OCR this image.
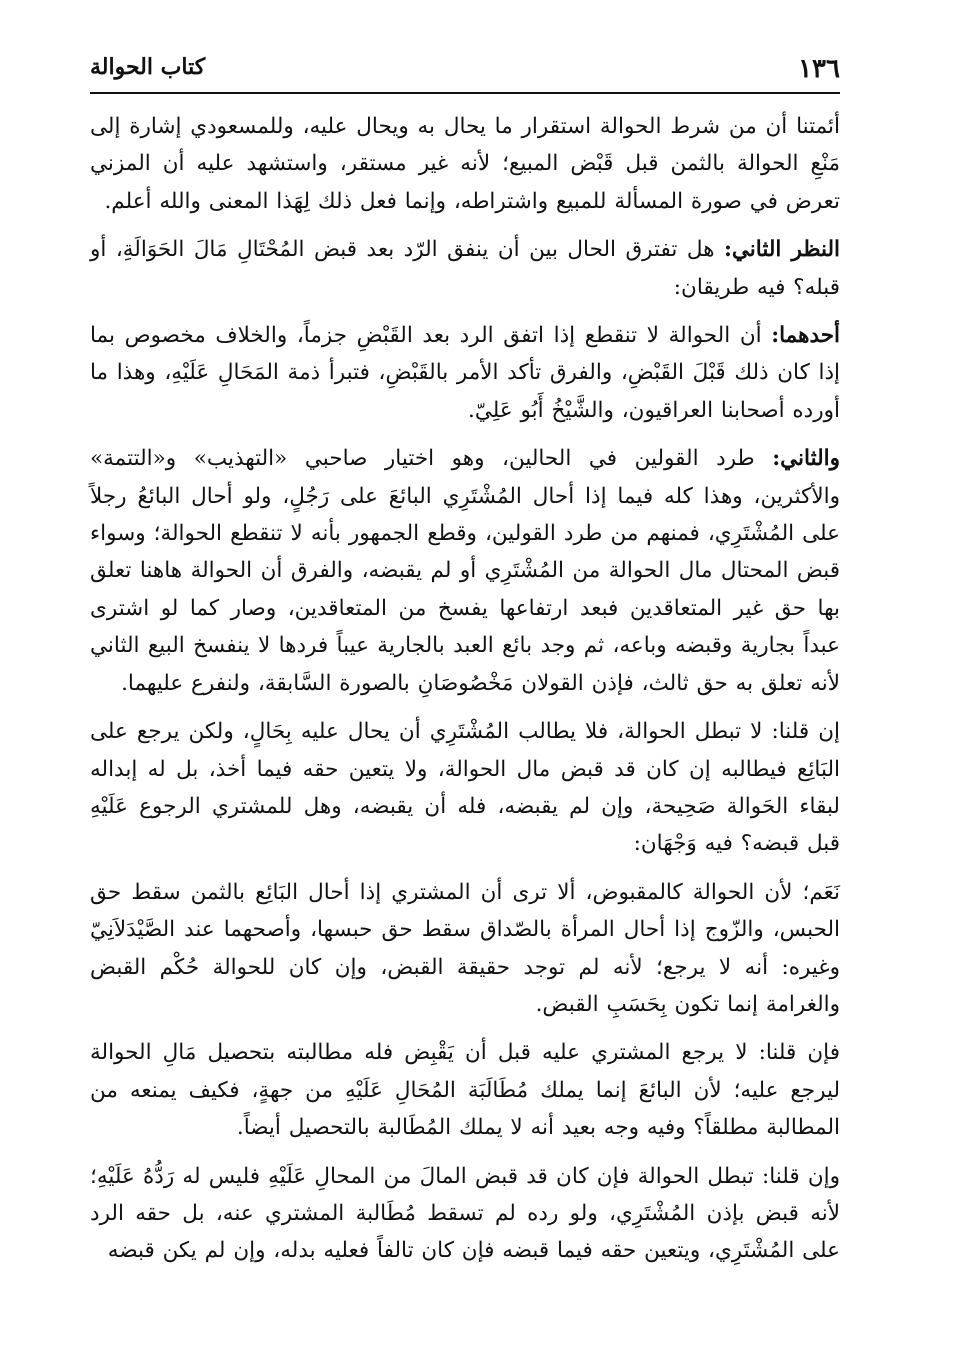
١٣٦
كتاب الحوالة

أئمتنا أن من شرط الحوالة استقرار ما يحال به ويحال عليه، وللمسعودي إشارة إلى مَنْعِ الحوالة بالثمن قبل قَبْض المبيع؛ لأنه غير مستقر، واستشهد عليه أن المزني تعرض في صورة المسألة للمبيع واشتراطه، وإنما فعل ذلك لِهَذا المعنى والله أعلم.

النظر الثاني: هل تفترق الحال بين أن ينفق الرّد بعد قبض المُحْتَالِ مَالَ الحَوَالَةِ، أو قبله؟ فيه طريقان:

أحدهما: أن الحوالة لا تنقطع إذا اتفق الرد بعد القَبْضِ جزماً، والخلاف مخصوص بما إذا كان ذلك قَبْلَ القَبْضِ، والفرق تأكد الأمر بالقَبْضِ، فتبرأ ذمة المَحَالِ عَلَيْهِ، وهذا ما أورده أصحابنا العراقيون، والشَّيْخُ أَبُو عَلِيّ.

والثاني: طرد القولين في الحالين، وهو اختيار صاحبي «التهذيب» و«التتمة» والأكثرين، وهذا كله فيما إذا أحال المُشْتَرِي البائعَ على رَجُلٍ، ولو أحال البائعُ رجلاً على المُشْتَرِي، فمنهم من طرد القولين، وقطع الجمهور بأنه لا تنقطع الحوالة؛ وسواء قبض المحتال مال الحوالة من المُشْتَرِي أو لم يقبضه، والفرق أن الحوالة هاهنا تعلق بها حق غير المتعاقدين فبعد ارتفاعها يفسخ من المتعاقدين، وصار كما لو اشترى عبداً بجارية وقبضه وباعه، ثم وجد بائع العبد بالجارية عيباً فردها لا ينفسخ البيع الثاني لأنه تعلق به حق ثالث، فإذن القولان مَخْصُوصَانِ بالصورة السَّابقة، ولنفرع عليهما.

إن قلنا: لا تبطل الحوالة، فلا يطالب المُشْتَرِي أن يحال عليه بِحَالٍ، ولكن يرجع على البَائِع فيطالبه إن كان قد قبض مال الحوالة، ولا يتعين حقه فيما أخذ، بل له إبداله لبقاء الحَوالة صَحِيحة، وإن لم يقبضه، فله أن يقبضه، وهل للمشتري الرجوع عَلَيْهِ قبل قبضه؟ فيه وَجْهَان:

نَعَم؛ لأن الحوالة كالمقبوض، ألا ترى أن المشتري إذا أحال البَائِع بالثمن سقط حق الحبس، والزّوج إذا أحال المرأة بالصّداق سقط حق حبسها، وأصحهما عند الصَّيْدَلاَنِيّ وغيره: أنه لا يرجع؛ لأنه لم توجد حقيقة القبض، وإن كان للحوالة حُكْم القبض والغرامة إنما تكون بِحَسَبِ القبض.

فإن قلنا: لا يرجع المشتري عليه قبل أن يَقْبِض فله مطالبته بتحصيل مَالِ الحوالة ليرجع عليه؛ لأن البائعَ إنما يملك مُطَالَبَة المُحَالِ عَلَيْهِ من جهةٍ، فكيف يمنعه من المطالبة مطلقاً؟ وفيه وجه بعيد أنه لا يملك المُطَالبة بالتحصيل أيضاً.

وإن قلنا: تبطل الحوالة فإن كان قد قبض المالَ من المحالِ عَلَيْهِ فليس له رَدُّهُ عَلَيْهِ؛ لأنه قبض بإذن المُشْتَرِي، ولو رده لم تسقط مُطَالبة المشتري عنه، بل حقه الرد على المُشْتَرِي، ويتعين حقه فيما قبضه فإن كان تالفاً فعليه بدله، وإن لم يكن قبضه
